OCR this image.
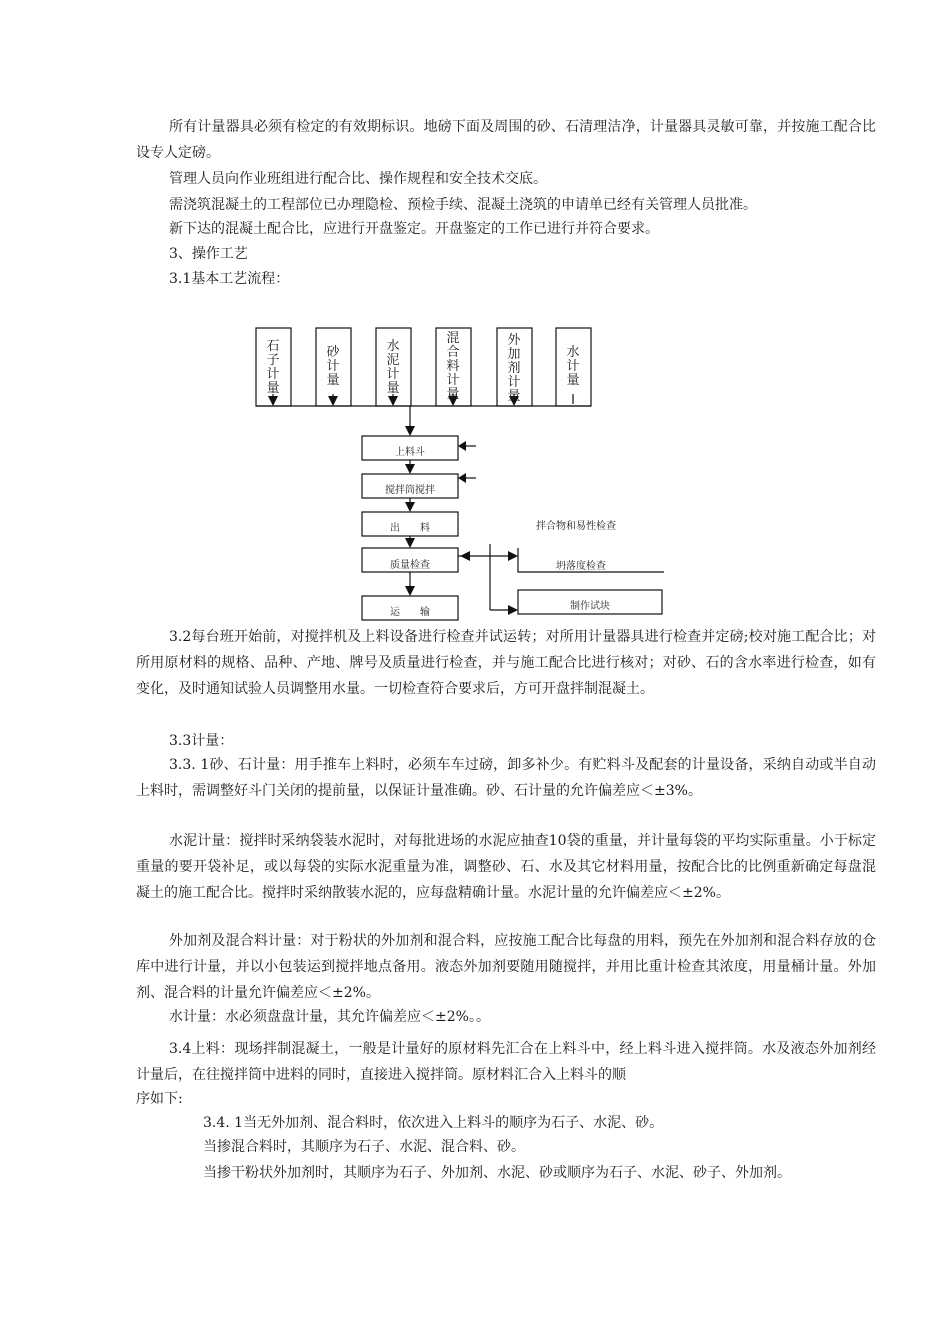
所有计量器具必须有检定的有效期标识。地磅下面及周围的砂、石清理洁净，计量器具灵敏可靠，并按施工配合比设专人定磅。

管理人员向作业班组进行配合比、操作规程和安全技术交底。

需浇筑混凝土的工程部位已办理隐检、预检手续、混凝土浇筑的申请单已经有关管理人员批准。

新下达的混凝土配合比，应进行开盘鉴定。开盘鉴定的工作已进行并符合要求。

3、操作工艺

3.1基本工艺流程：

石子计量
砂计量
水泥计量
混合料计量
外加剂计量
水计量
上料斗
搅拌筒搅拌
出　　料
质量检查
运　　输
拌合物和易性检查
坍落度检查
制作试块

3.2每台班开始前，对搅拌机及上料设备进行检查并试运转；对所用计量器具进行检查并定磅;校对施工配合比；对所用原材料的规格、品种、产地、牌号及质量进行检查，并与施工配合比进行核对；对砂、石的含水率进行检查，如有变化，及时通知试验人员调整用水量。一切检查符合要求后，方可开盘拌制混凝土。

3.3计量：

3.3. 1砂、石计量：用手推车上料时，必须车车过磅，卸多补少。有贮料斗及配套的计量设备，采纳自动或半自动上料时，需调整好斗门关闭的提前量，以保证计量准确。砂、石计量的允许偏差应＜±3%。

水泥计量：搅拌时采纳袋装水泥时，对每批进场的水泥应抽查10袋的重量，并计量每袋的平均实际重量。小于标定重量的要开袋补足，或以每袋的实际水泥重量为准，调整砂、石、水及其它材料用量，按配合比的比例重新确定每盘混凝土的施工配合比。搅拌时采纳散装水泥的，应每盘精确计量。水泥计量的允许偏差应＜±2%。

外加剂及混合料计量：对于粉状的外加剂和混合料，应按施工配合比每盘的用料，预先在外加剂和混合料存放的仓库中进行计量，并以小包装运到搅拌地点备用。液态外加剂要随用随搅拌，并用比重计检查其浓度，用量桶计量。外加剂、混合料的计量允许偏差应＜±2%。

水计量：水必须盘盘计量，其允许偏差应＜±2%。。

3.4上料：现场拌制混凝土，一般是计量好的原材料先汇合在上料斗中，经上料斗进入搅拌筒。水及液态外加剂经计量后，在往搅拌筒中进料的同时，直接进入搅拌筒。原材料汇合入上料斗的顺

序如下:

3.4. 1当无外加剂、混合料时，依次进入上料斗的顺序为石子、水泥、砂。

当掺混合料时，其顺序为石子、水泥、混合料、砂。

当掺干粉状外加剂时，其顺序为石子、外加剂、水泥、砂或顺序为石子、水泥、砂子、外加剂。
